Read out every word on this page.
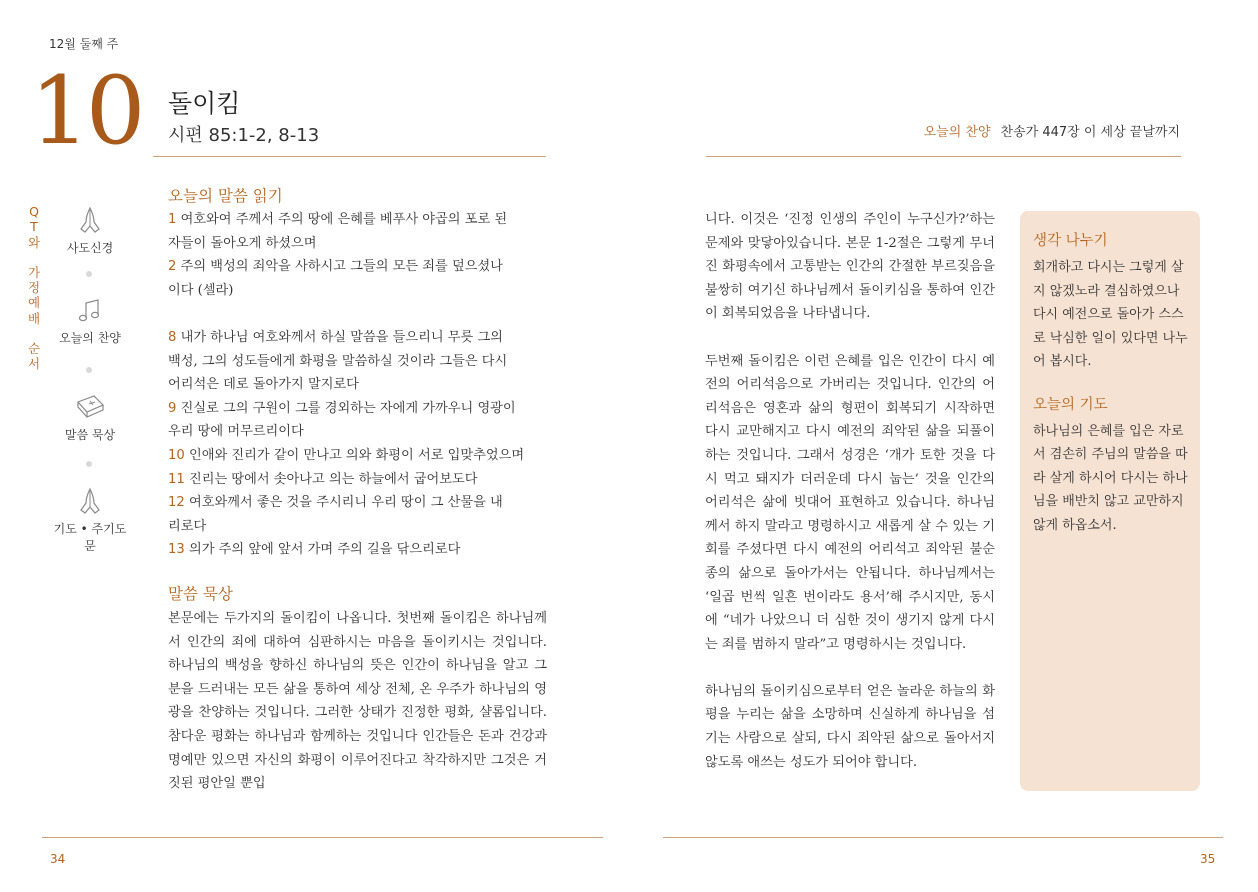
12월 둘째 주
10 돌이킴
시편 85:1-2, 8-13	오늘의 찬양 찬송가 447장 이 세상 끝날까지
Q
T
와
가
정
예
배
순
서
사도신경
오늘의 찬양
말씀 묵상
기도 • 주기도문
오늘의 말씀 읽기
1 여호와여 주께서 주의 땅에 은혜를 베푸사 야곱의 포로 된
자들이 돌아오게 하셨으며
2 주의 백성의 죄악을 사하시고 그들의 모든 죄를 덮으셨나
이다 (셀라)
8 내가 하나님 여호와께서 하실 말씀을 들으리니 무릇 그의
백성, 그의 성도들에게 화평을 말씀하실 것이라 그들은 다시
어리석은 데로 돌아가지 말지로다
9 진실로 그의 구원이 그를 경외하는 자에게 가까우니 영광이
우리 땅에 머무르리이다
10 인애와 진리가 같이 만나고 의와 화평이 서로 입맞추었으며
11 진리는 땅에서 솟아나고 의는 하늘에서 굽어보도다
12 여호와께서 좋은 것을 주시리니 우리 땅이 그 산물을 내
리로다
13 의가 주의 앞에 앞서 가며 주의 길을 닦으리로다
말씀 묵상

본문에는 두가지의 돌이킴이 나옵니다. 첫번째 돌이킴은 하나님께서 인간의 죄에 대하여 심판하시는 마음을 돌이키시는 것입니다. 하나님의 백성을 향하신 하나님의 뜻은 인간이 하나님을 알고 그 분을 드러내는 모든 삶을 통하여 세상 전체, 온 우주가 하나님의 영광을 찬양하는 것입니다. 그러한 상태가 진정한 평화, 샬롬입니다. 참다운 평화는 하나님과 함께하는 것입니다 인간들은 돈과 건강과 명예만 있으면 자신의 화평이 이루어진다고 착각하지만 그것은 거짓된 평안일 뿐입

니다. 이것은 ‘진정 인생의 주인이 누구신가?’하는 문제와 맞닿아있습니다. 본문 1-2절은 그렇게 무너진 화평속에서 고통받는 인간의 간절한 부르짖음을 불쌍히 여기신 하나님께서 돌이키심을 통하여 인간이 회복되었음을 나타냅니다.

두번째 돌이킴은 이런 은혜를 입은 인간이 다시 예전의 어리석음으로 가버리는 것입니다. 인간의 어리석음은 영혼과 삶의 형편이 회복되기 시작하면 다시 교만해지고 다시 예전의 죄악된 삶을 되풀이 하는 것입니다. 그래서 성경은 ‘개가 토한 것을 다시 먹고 돼지가 더러운데 다시 눕는’ 것을 인간의 어리석은 삶에 빗대어 표현하고 있습니다. 하나님께서 하지 말라고 명령하시고 새롭게 살 수 있는 기회를 주셨다면 다시 예전의 어리석고 죄악된 불순종의 삶으로 돌아가서는 안됩니다. 하나님께서는 ‘일곱 번씩 일흔 번이라도 용서’해 주시지만, 동시에 “네가 나았으니 더 심한 것이 생기지 않게 다시는 죄를 범하지 말라”고 명령하시는 것입니다.

하나님의 돌이키심으로부터 얻은 놀라운 하늘의 화평을 누리는 삶을 소망하며 신실하게 하나님을 섬기는 사람으로 살되, 다시 죄악된 삶으로 돌아서지 않도록 애쓰는 성도가 되어야 합니다.

생각 나누기

회개하고 다시는 그렇게 살지 않겠노라 결심하였으나 다시 예전으로 돌아가 스스로 낙심한 일이 있다면 나누어 봅시다.

오늘의 기도

하나님의 은혜를 입은 자로서 겸손히 주님의 말씀을 따라 살게 하시어 다시는 하나님을 배반치 않고 교만하지 않게 하옵소서.

34	35
